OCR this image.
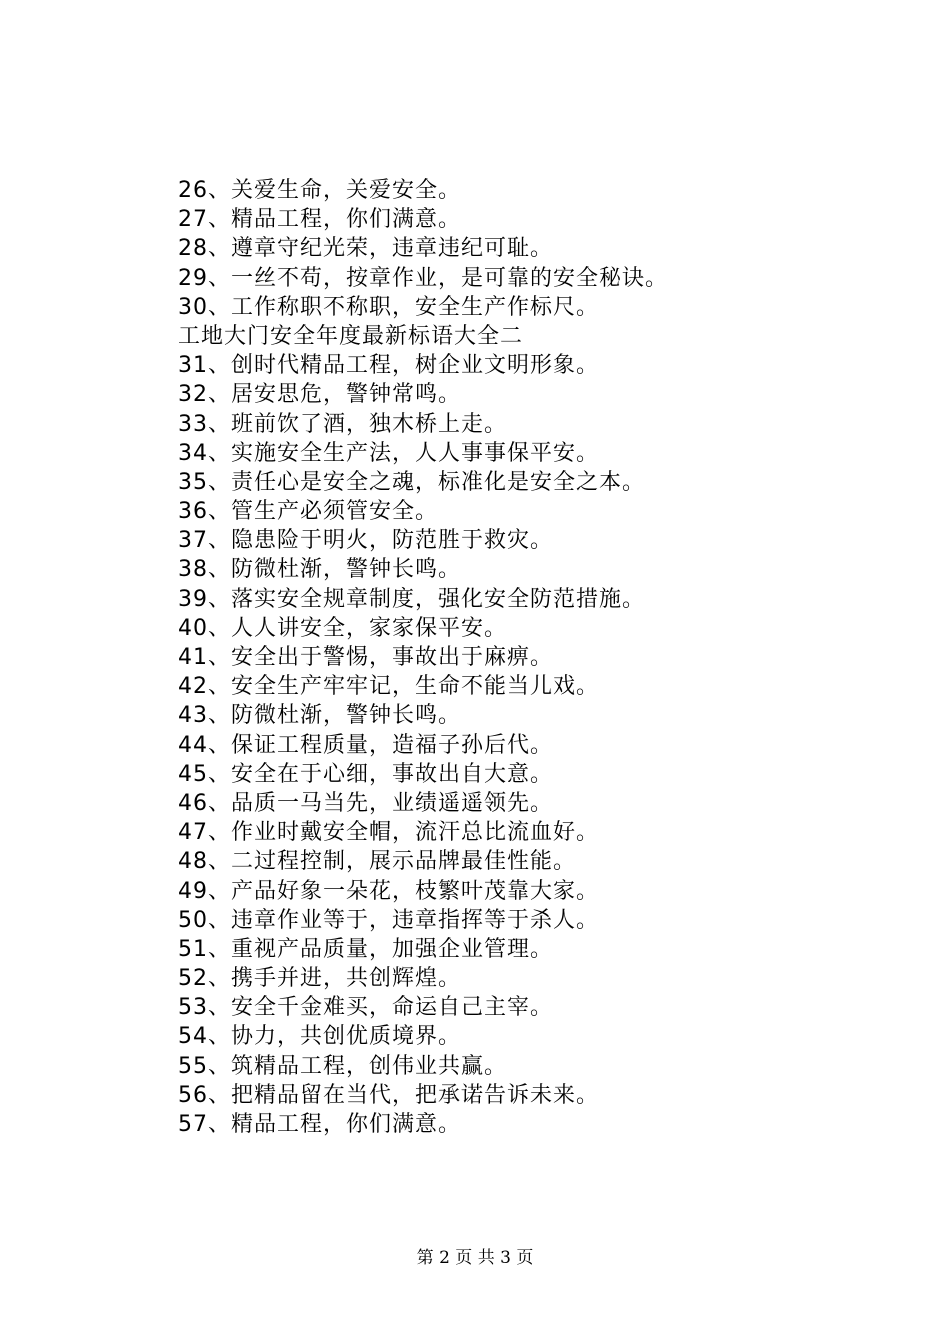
26、关爱生命，关爱安全。
27、精品工程，你们满意。
28、遵章守纪光荣，违章违纪可耻。
29、一丝不苟，按章作业，是可靠的安全秘诀。
30、工作称职不称职，安全生产作标尺。
工地大门安全年度最新标语大全二
31、创时代精品工程，树企业文明形象。
32、居安思危，警钟常鸣。
33、班前饮了酒，独木桥上走。
34、实施安全生产法，人人事事保平安。
35、责任心是安全之魂，标准化是安全之本。
36、管生产必须管安全。
37、隐患险于明火，防范胜于救灾。
38、防微杜渐，警钟长鸣。
39、落实安全规章制度，强化安全防范措施。
40、人人讲安全，家家保平安。
41、安全出于警惕，事故出于麻痹。
42、安全生产牢牢记，生命不能当儿戏。
43、防微杜渐，警钟长鸣。
44、保证工程质量，造福子孙后代。
45、安全在于心细，事故出自大意。
46、品质一马当先，业绩遥遥领先。
47、作业时戴安全帽，流汗总比流血好。
48、二过程控制，展示品牌最佳性能。
49、产品好象一朵花，枝繁叶茂靠大家。
50、违章作业等于，违章指挥等于杀人。
51、重视产品质量，加强企业管理。
52、携手并进，共创辉煌。
53、安全千金难买，命运自己主宰。
54、协力，共创优质境界。
55、筑精品工程，创伟业共赢。
56、把精品留在当代，把承诺告诉未来。
57、精品工程，你们满意。
第 2 页 共 3 页
